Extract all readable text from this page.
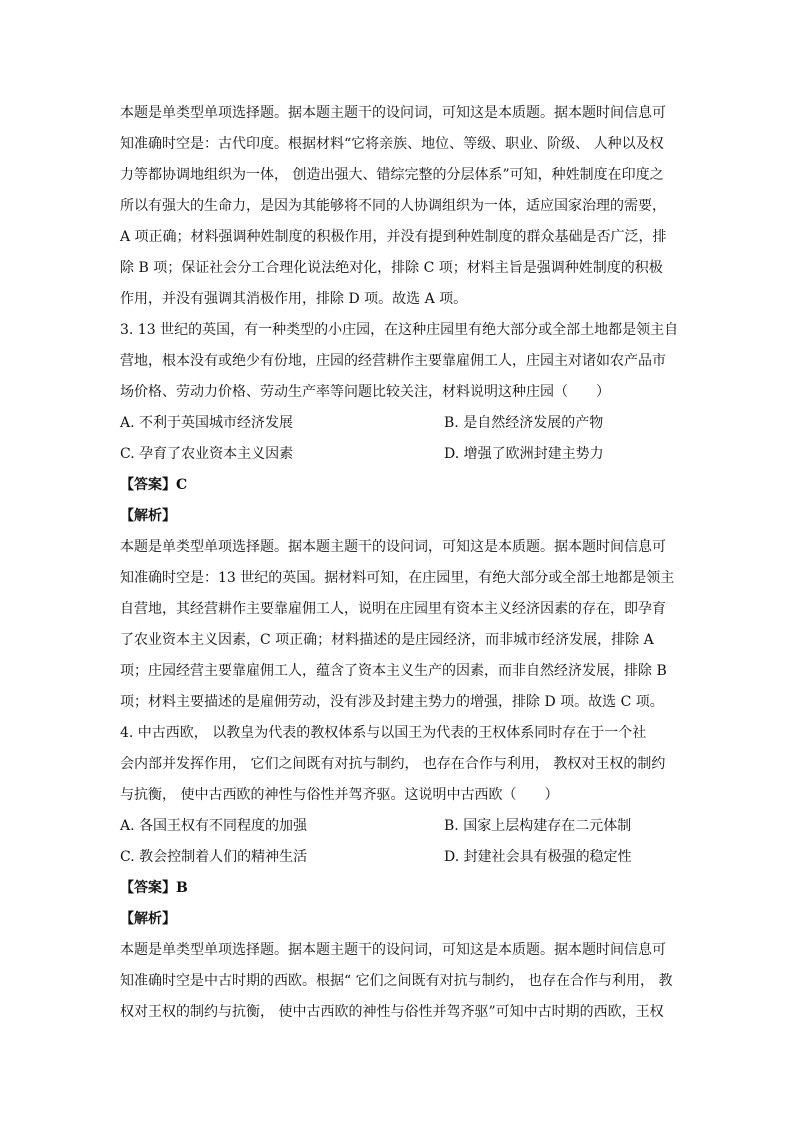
本题是单类型单项选择题。据本题主题干的设问词，可知这是本质题。据本题时间信息可
知准确时空是：古代印度。根据材料“它将亲族、地位、等级、职业、阶级、 人种以及权
力等都协调地组织为一体， 创造出强大、错综完整的分层体系”可知，种姓制度在印度之
所以有强大的生命力，是因为其能够将不同的人协调组织为一体，适应国家治理的需要，
A 项正确；材料强调种姓制度的积极作用，并没有提到种姓制度的群众基础是否广泛，排
除 B 项；保证社会分工合理化说法绝对化，排除 C 项；材料主旨是强调种姓制度的积极
作用，并没有强调其消极作用，排除 D 项。故选 A 项。
3. 13 世纪的英国，有一种类型的小庄园，在这种庄园里有绝大部分或全部土地都是领主自
营地，根本没有或绝少有份地，庄园的经营耕作主要靠雇佣工人，庄园主对诸如农产品市
场价格、劳动力价格、劳动生产率等问题比较关注，材料说明这种庄园（　　）
A. 不利于英国城市经济发展	B. 是自然经济发展的产物
C. 孕育了农业资本主义因素	D. 增强了欧洲封建主势力
【答案】C
【解析】
本题是单类型单项选择题。据本题主题干的设问词，可知这是本质题。据本题时间信息可
知准确时空是：13 世纪的英国。据材料可知，在庄园里，有绝大部分或全部土地都是领主
自营地，其经营耕作主要靠雇佣工人，说明在庄园里有资本主义经济因素的存在，即孕育
了农业资本主义因素，C 项正确；材料描述的是庄园经济，而非城市经济发展，排除 A
项；庄园经营主要靠雇佣工人，蕴含了资本主义生产的因素，而非自然经济发展，排除 B
项；材料主要描述的是雇佣劳动，没有涉及封建主势力的增强，排除 D 项。故选 C 项。
4. 中古西欧， 以教皇为代表的教权体系与以国王为代表的王权体系同时存在于一个社
会内部并发挥作用， 它们之间既有对抗与制约， 也存在合作与利用， 教权对王权的制约
与抗衡， 使中古西欧的神性与俗性并驾齐驱。这说明中古西欧（　　）
A. 各国王权有不同程度的加强	B. 国家上层构建存在二元体制
C. 教会控制着人们的精神生活	D. 封建社会具有极强的稳定性
【答案】B
【解析】
本题是单类型单项选择题。据本题主题干的设问词，可知这是本质题。据本题时间信息可
知准确时空是中古时期的西欧。根据“ 它们之间既有对抗与制约， 也存在合作与利用， 教
权对王权的制约与抗衡， 使中古西欧的神性与俗性并驾齐驱”可知中古时期的西欧，王权
